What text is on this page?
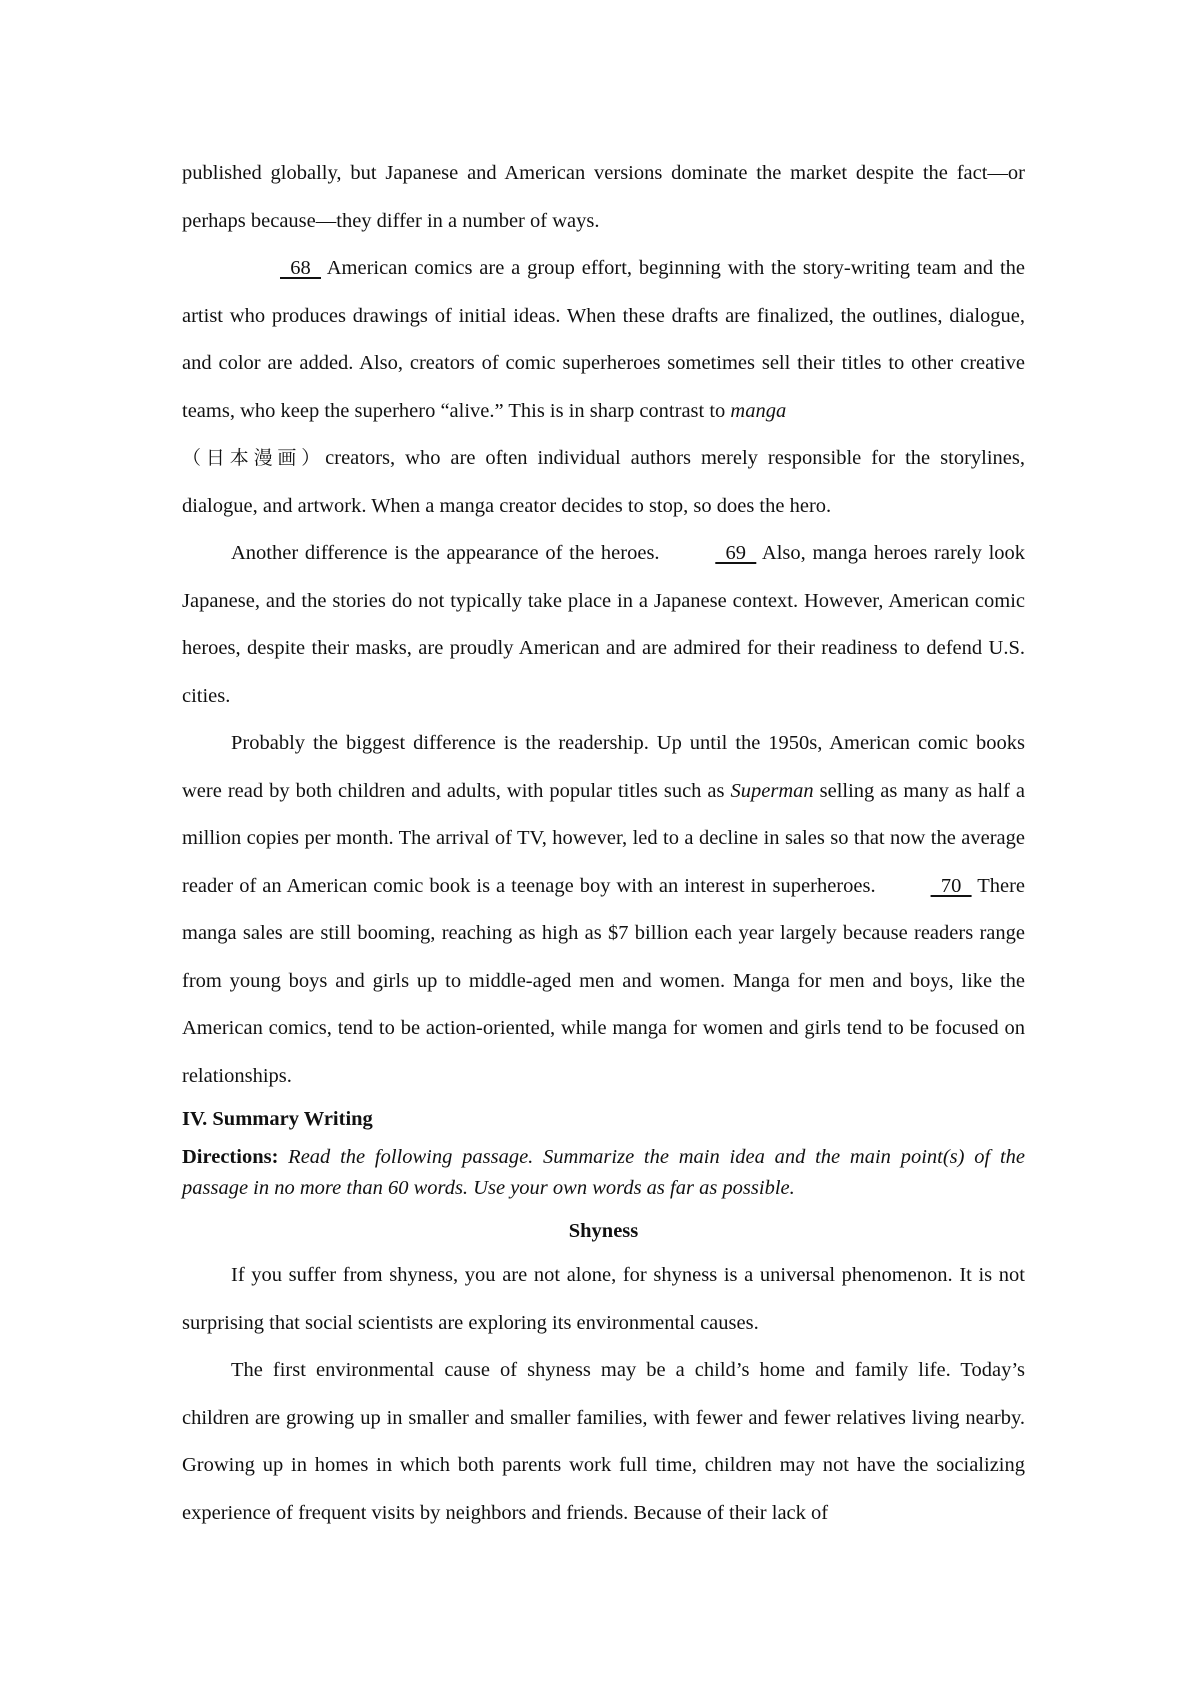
published globally, but Japanese and American versions dominate the market despite the fact—or perhaps because—they differ in a number of ways.

68   American comics are a group effort, beginning with the story-writing team and the artist who produces drawings of initial ideas. When these drafts are finalized, the outlines, dialogue, and color are added. Also, creators of comic superheroes sometimes sell their titles to other creative teams, who keep the superhero “alive.” This is in sharp contrast to manga
（日本漫画）creators, who are often individual authors merely responsible for the storylines, dialogue, and artwork. When a manga creator decides to stop, so does the hero.

Another difference is the appearance of the heroes.   69   Also, manga heroes rarely look Japanese, and the stories do not typically take place in a Japanese context. However, American comic heroes, despite their masks, are proudly American and are admired for their readiness to defend U.S. cities.

Probably the biggest difference is the readership. Up until the 1950s, American comic books were read by both children and adults, with popular titles such as Superman selling as many as half a million copies per month. The arrival of TV, however, led to a decline in sales so that now the average reader of an American comic book is a teenage boy with an interest in superheroes.   70   There manga sales are still booming, reaching as high as $7 billion each year largely because readers range from young boys and girls up to middle-aged men and women. Manga for men and boys, like the American comics, tend to be action-oriented, while manga for women and girls tend to be focused on relationships.

IV. Summary Writing

Directions: Read the following passage. Summarize the main idea and the main point(s) of the passage in no more than 60 words. Use your own words as far as possible.

Shyness

If you suffer from shyness, you are not alone, for shyness is a universal phenomenon. It is not surprising that social scientists are exploring its environmental causes.

The first environmental cause of shyness may be a child’s home and family life. Today’s children are growing up in smaller and smaller families, with fewer and fewer relatives living nearby. Growing up in homes in which both parents work full time, children may not have the socializing experience of frequent visits by neighbors and friends. Because of their lack of
